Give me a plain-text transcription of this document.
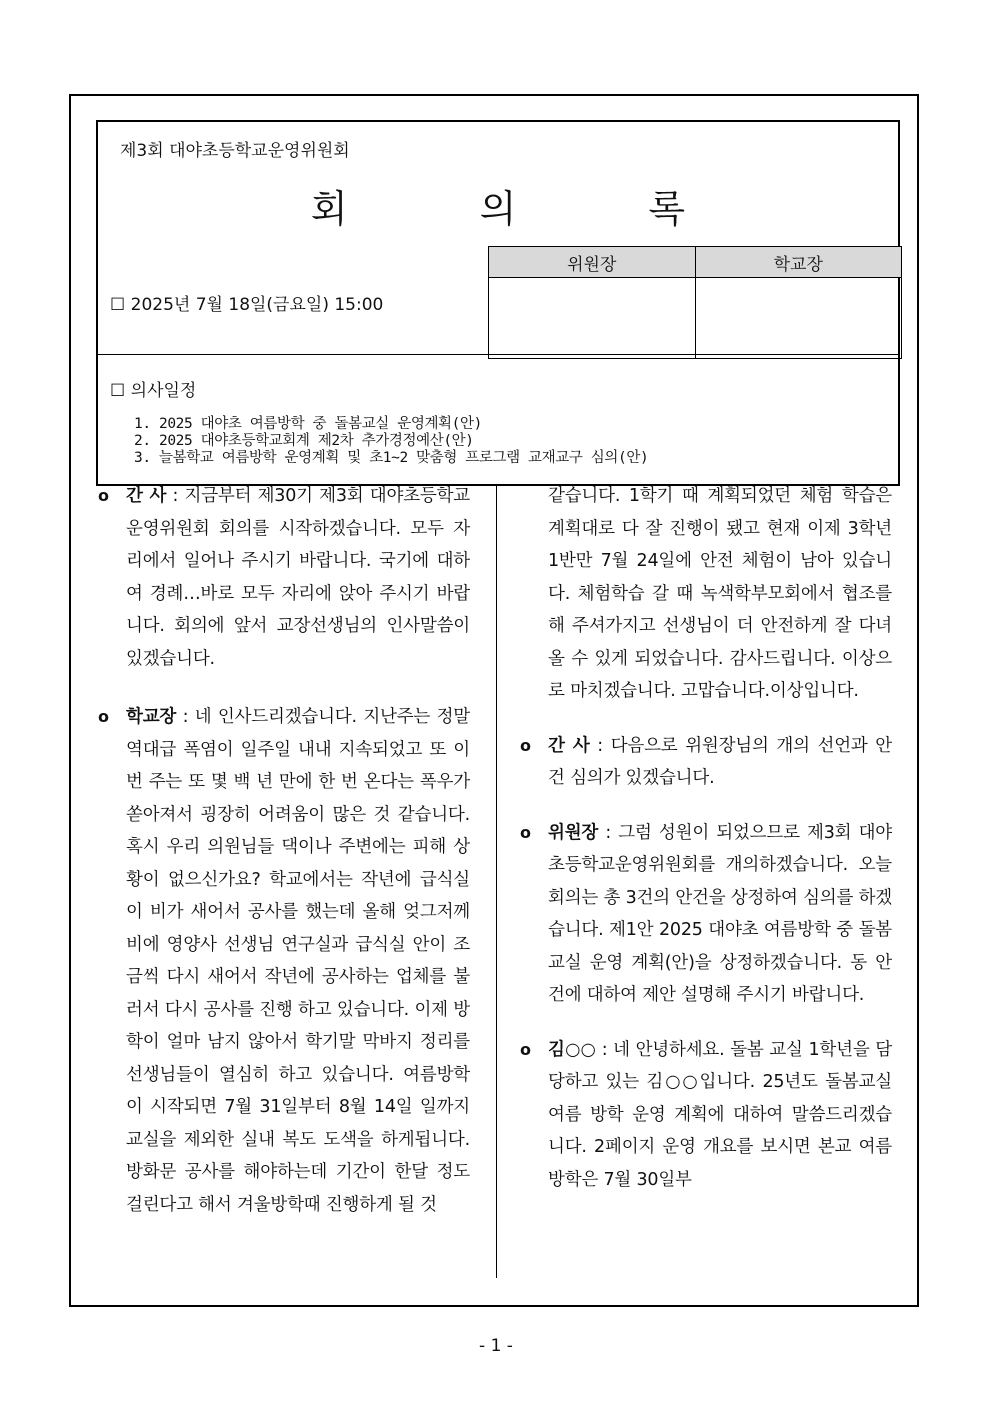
제3회 대야초등학교운영위원회
회 의 록
위원장	학교장

☐ 2025년 7월 18일(금요일) 15:00
☐ 의사일정
1. 2025 대야초 여름방학 중 돌봄교실 운영계획(안)
2. 2025 대야초등학교회계 제2차 추가경정예산(안)
3. 늘봄학교 여름방학 운영계획 및 초1~2 맞춤형 프로그램 교재교구 심의(안)
o 간 사 : 지금부터 제30기 제3회 대야초등학교운영위원회 회의를 시작하겠습니다. 모두 자리에서 일어나 주시기 바랍니다. 국기에 대하여 경례…바로 모두 자리에 앉아 주시기 바랍니다. 회의에 앞서 교장선생님의 인사말씀이 있겠습니다.
o 학교장 : 네 인사드리겠습니다. 지난주는 정말 역대급 폭염이 일주일 내내 지속되었고 또 이번 주는 또 몇 백 년 만에 한 번 온다는 폭우가 쏟아져서 굉장히 어려움이 많은 것 같습니다. 혹시 우리 의원님들 댁이나 주변에는 피해 상황이 없으신가요? 학교에서는 작년에 급식실이 비가 새어서 공사를 했는데 올해 엊그저께 비에 영양사 선생님 연구실과 급식실 안이 조금씩 다시 새어서 작년에 공사하는 업체를 불러서 다시 공사를 진행 하고 있습니다. 이제 방학이 얼마 남지 않아서 학기말 막바지 정리를 선생님들이 열심히 하고 있습니다. 여름방학이 시작되면 7월 31일부터 8월 14일 일까지 교실을 제외한 실내 복도 도색을 하게됩니다. 방화문 공사를 해야하는데 기간이 한달 정도 걸린다고 해서 겨울방학때 진행하게 될 것
같습니다. 1학기 때 계획되었던 체험 학습은 계획대로 다 잘 진행이 됐고 현재 이제 3학년 1반만 7월 24일에 안전 체험이 남아 있습니다. 체험학습 갈 때 녹색학부모회에서 협조를 해 주셔가지고 선생님이 더 안전하게 잘 다녀올 수 있게 되었습니다. 감사드립니다. 이상으로 마치겠습니다. 고맙습니다.이상입니다.
o 간 사 : 다음으로 위원장님의 개의 선언과 안건 심의가 있겠습니다.
o 위원장 : 그럼 성원이 되었으므로 제3회 대야초등학교운영위원회를 개의하겠습니다. 오늘 회의는 총 3건의 안건을 상정하여 심의를 하겠습니다. 제1안 2025 대야초 여름방학 중 돌봄교실 운영 계획(안)을 상정하겠습니다. 동 안건에 대하여 제안 설명해 주시기 바랍니다.
o 김○○ : 네 안녕하세요. 돌봄 교실 1학년을 담당하고 있는 김○○입니다. 25년도 돌봄교실 여름 방학 운영 계획에 대하여 말씀드리겠습니다. 2페이지 운영 개요를 보시면 본교 여름방학은 7월 30일부
- 1 -
